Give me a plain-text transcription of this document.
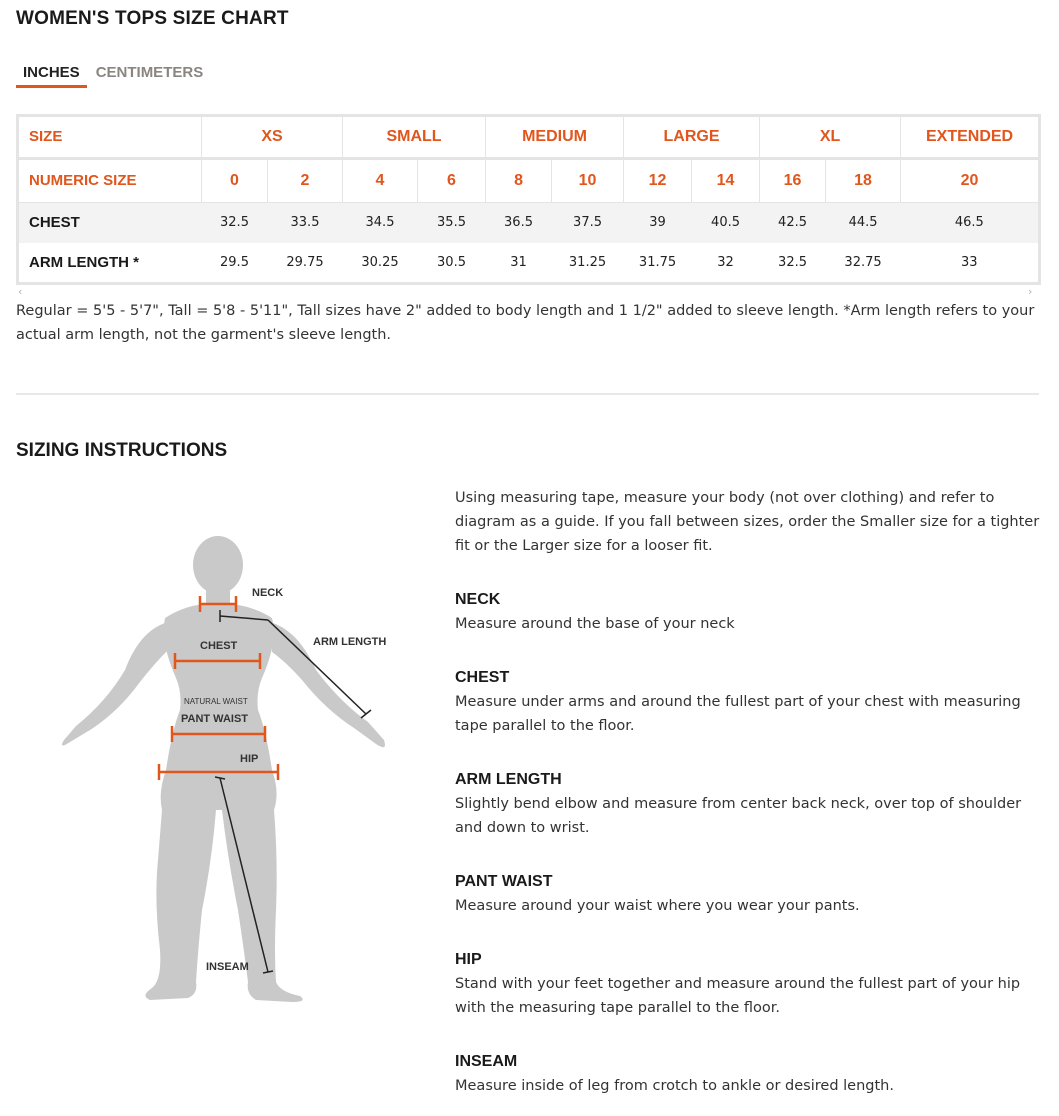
WOMEN'S TOPS SIZE CHART
INCHES	CENTIMETERS
SIZE	XS		SMALL		MEDIUM		LARGE		XL		EXTENDED
NUMERIC SIZE	0	2	4	6	8	10	12	14	16	18	20
CHEST	32.5	33.5	34.5	35.5	36.5	37.5	39	40.5	42.5	44.5	46.5
ARM LENGTH *	29.5	29.75	30.25	30.5	31	31.25	31.75	32	32.5	32.75	33
‹	›
Regular = 5'5 - 5'7", Tall = 5'8 - 5'11", Tall sizes have 2" added to body length and 1 1/2" added to sleeve length. *Arm length refers to your actual arm length, not the garment's sleeve length.
SIZING INSTRUCTIONS
NECK
CHEST	ARM LENGTH
NATURAL WAIST
PANT WAIST
HIP
INSEAM
Using measuring tape, measure your body (not over clothing) and refer to diagram as a guide. If you fall between sizes, order the Smaller size for a tighter fit or the Larger size for a looser fit.
NECK
Measure around the base of your neck
CHEST
Measure under arms and around the fullest part of your chest with measuring tape parallel to the floor.
ARM LENGTH
Slightly bend elbow and measure from center back neck, over top of shoulder and down to wrist.
PANT WAIST
Measure around your waist where you wear your pants.
HIP
Stand with your feet together and measure around the fullest part of your hip with the measuring tape parallel to the floor.
INSEAM
Measure inside of leg from crotch to ankle or desired length.
